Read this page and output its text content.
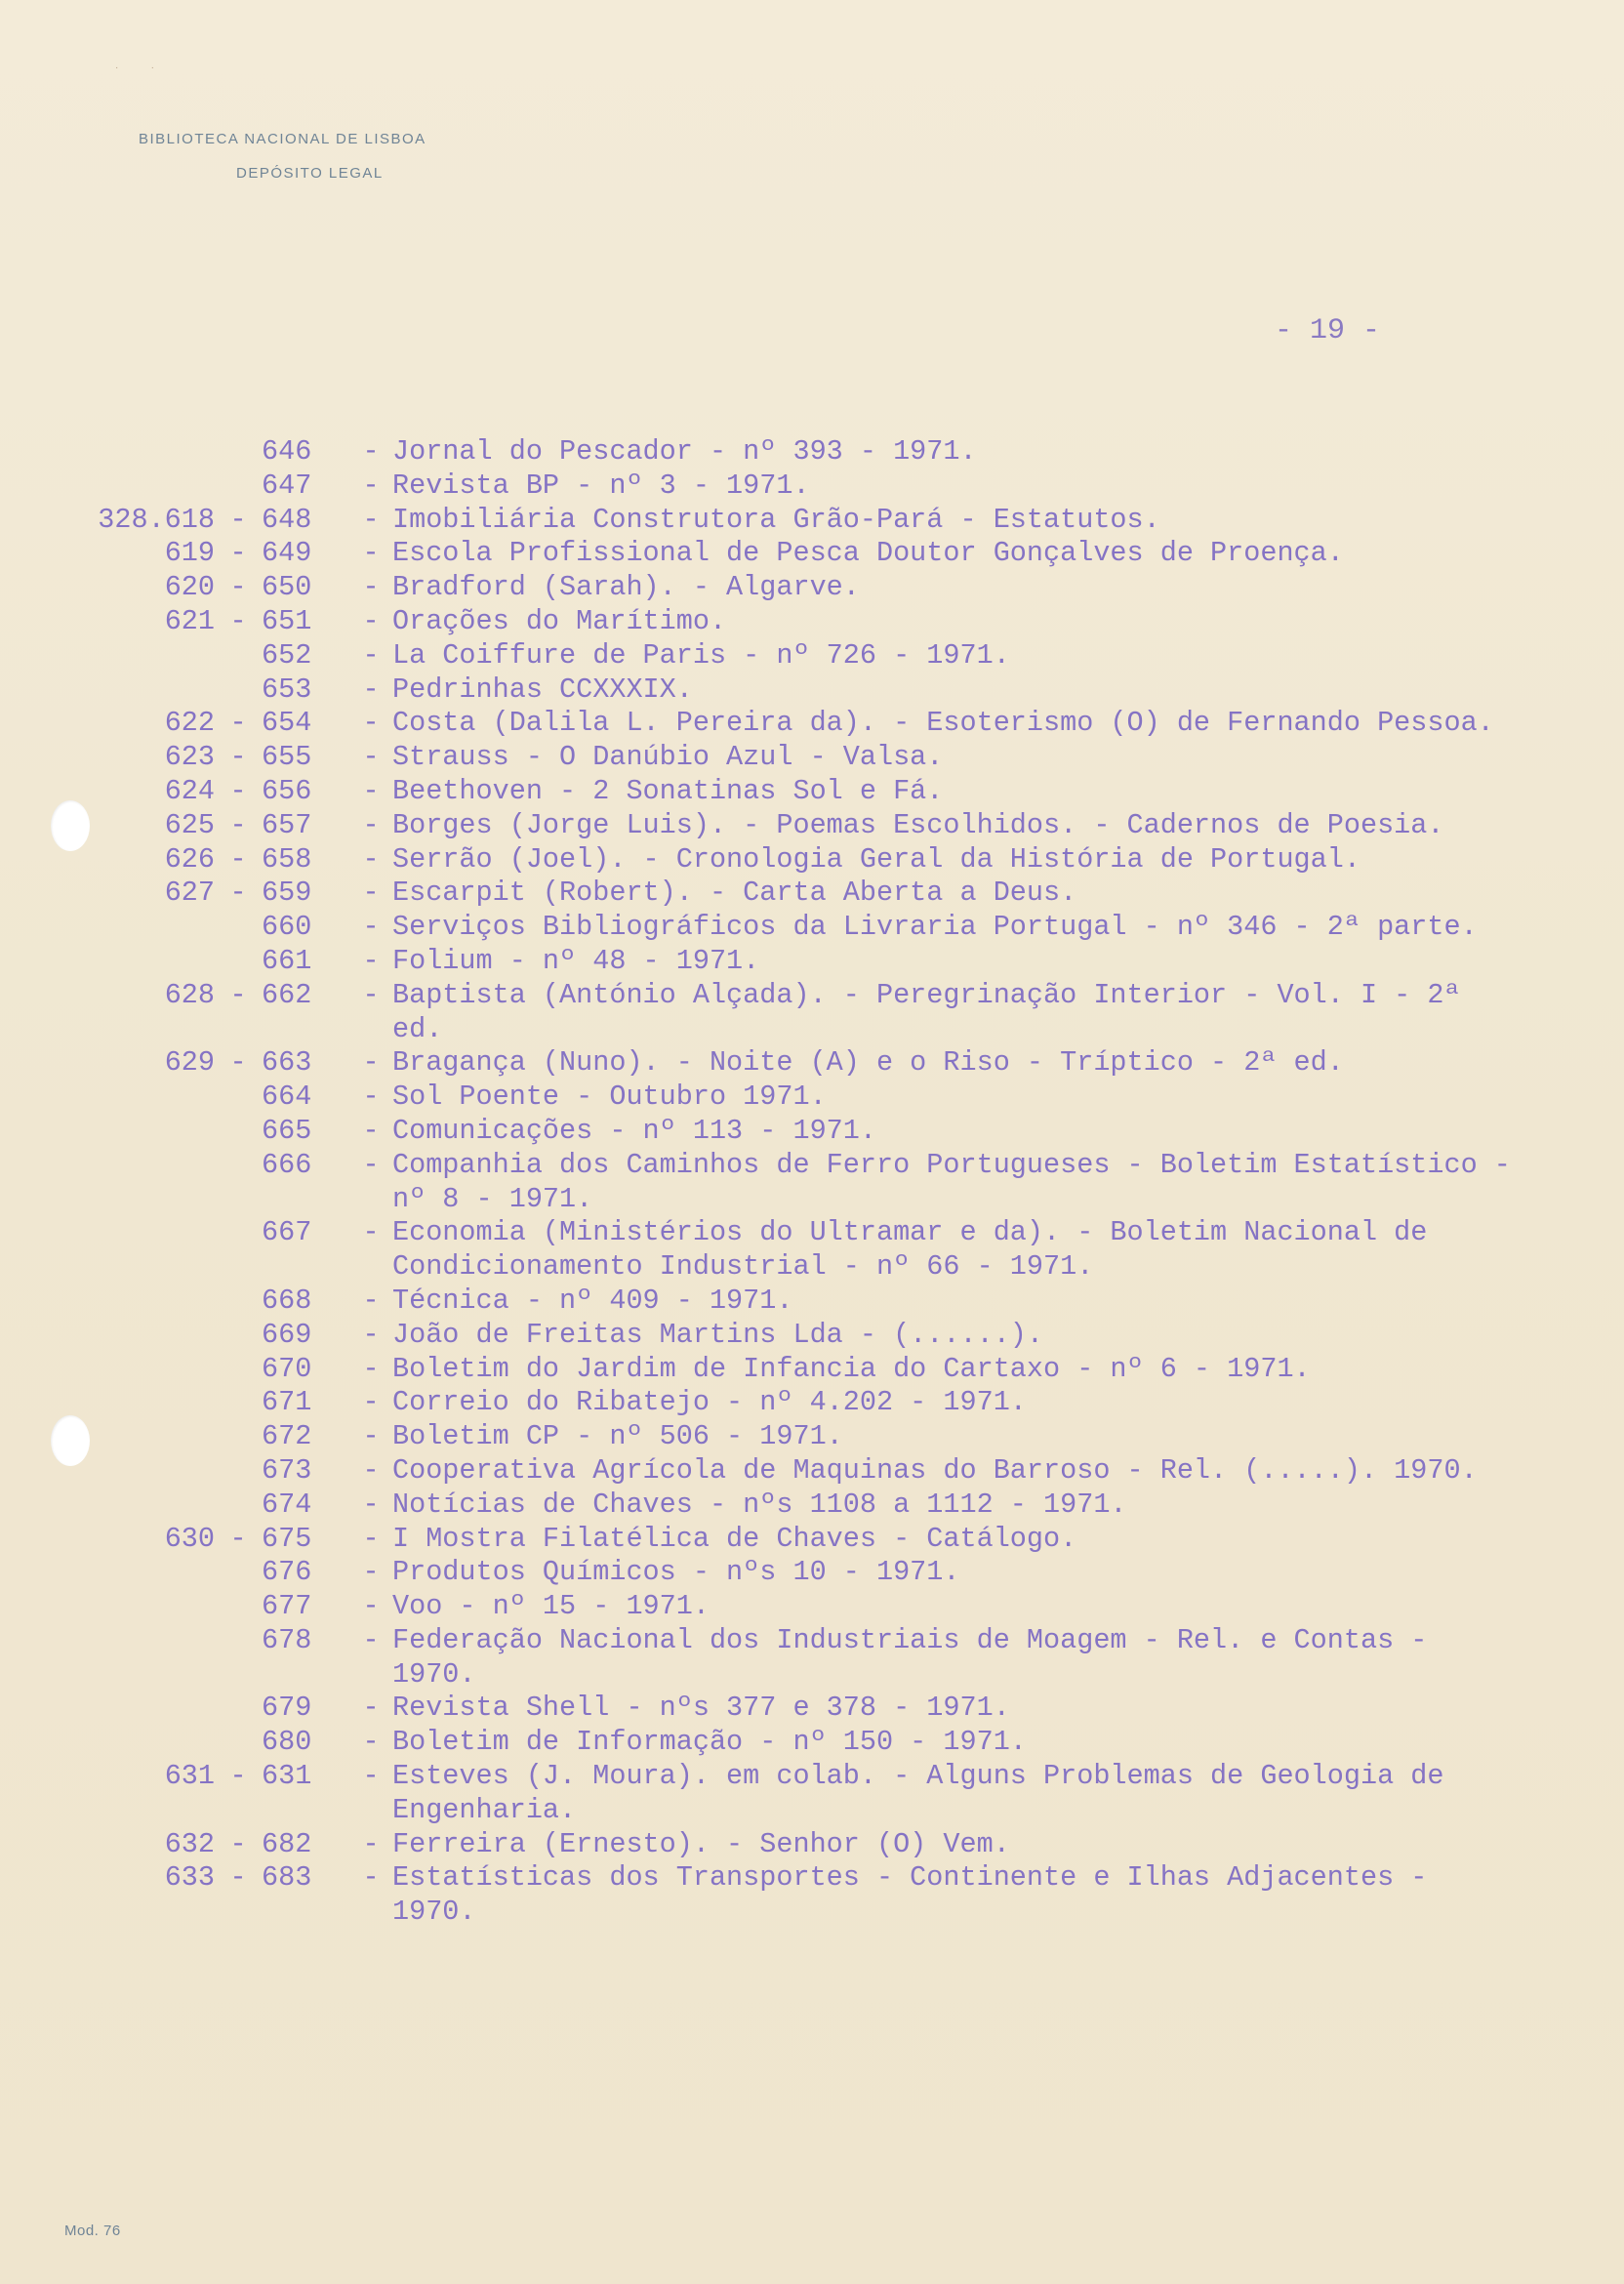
·            ·
BIBLIOTECA NACIONAL DE LISBOA
DEPÓSITO LEGAL
- 19 -
646	- Jornal do Pescador - nº 393 - 1971.
647	- Revista BP - nº 3 - 1971.
328.618 - 648	- Imobiliária Construtora Grão-Pará - Estatutos.
619 - 649	- Escola Profissional de Pesca Doutor Gonçalves de Proença.
620 - 650	- Bradford (Sarah). - Algarve.
621 - 651	- Orações do Marítimo.
652	- La Coiffure de Paris - nº 726 - 1971.
653	- Pedrinhas CCXXXIX.
622 - 654	- Costa (Dalila L. Pereira da). - Esoterismo (O) de Fernando Pessoa.
623 - 655	- Strauss - O Danúbio Azul - Valsa.
624 - 656	- Beethoven - 2 Sonatinas Sol e Fá.
625 - 657	- Borges (Jorge Luis). - Poemas Escolhidos. - Cadernos de Poesia.
626 - 658	- Serrão (Joel). - Cronologia Geral da História de Portugal.
627 - 659	- Escarpit (Robert). - Carta Aberta a Deus.
660	- Serviços Bibliográficos da Livraria Portugal - nº 346 - 2ª parte.
661	- Folium - nº 48 - 1971.
628 - 662	- Baptista (António Alçada). - Peregrinação Interior - Vol. I - 2ª ed.
629 - 663	- Bragança (Nuno). - Noite (A) e o Riso - Tríptico - 2ª ed.
664	- Sol Poente - Outubro 1971.
665	- Comunicações - nº 113 - 1971.
666	- Companhia dos Caminhos de Ferro Portugueses - Boletim Estatístico - nº 8 - 1971.
667	- Economia (Ministérios do Ultramar e da). - Boletim Nacional de Condicionamento Industrial - nº 66 - 1971.
668	- Técnica - nº 409 - 1971.
669	- João de Freitas Martins Lda - (......).
670	- Boletim do Jardim de Infancia do Cartaxo - nº 6 - 1971.
671	- Correio do Ribatejo - nº 4.202 - 1971.
672	- Boletim CP - nº 506 - 1971.
673	- Cooperativa Agrícola de Maquinas do Barroso - Rel. (.....). 1970.
674	- Notícias de Chaves - nºs 1108 a 1112 - 1971.
630 - 675	- I Mostra Filatélica de Chaves - Catálogo.
676	- Produtos Químicos - nºs 10 - 1971.
677	- Voo - nº 15 - 1971.
678	- Federação Nacional dos Industriais de Moagem - Rel. e Contas - 1970.
679	- Revista Shell - nºs 377 e 378 - 1971.
680	- Boletim de Informação - nº 150 - 1971.
631 - 631	- Esteves (J. Moura). em colab. - Alguns Problemas de Geologia de Engenharia.
632 - 682	- Ferreira (Ernesto). - Senhor (O) Vem.
633 - 683	- Estatísticas dos Transportes - Continente e Ilhas Adjacentes - 1970.
Mod. 76
